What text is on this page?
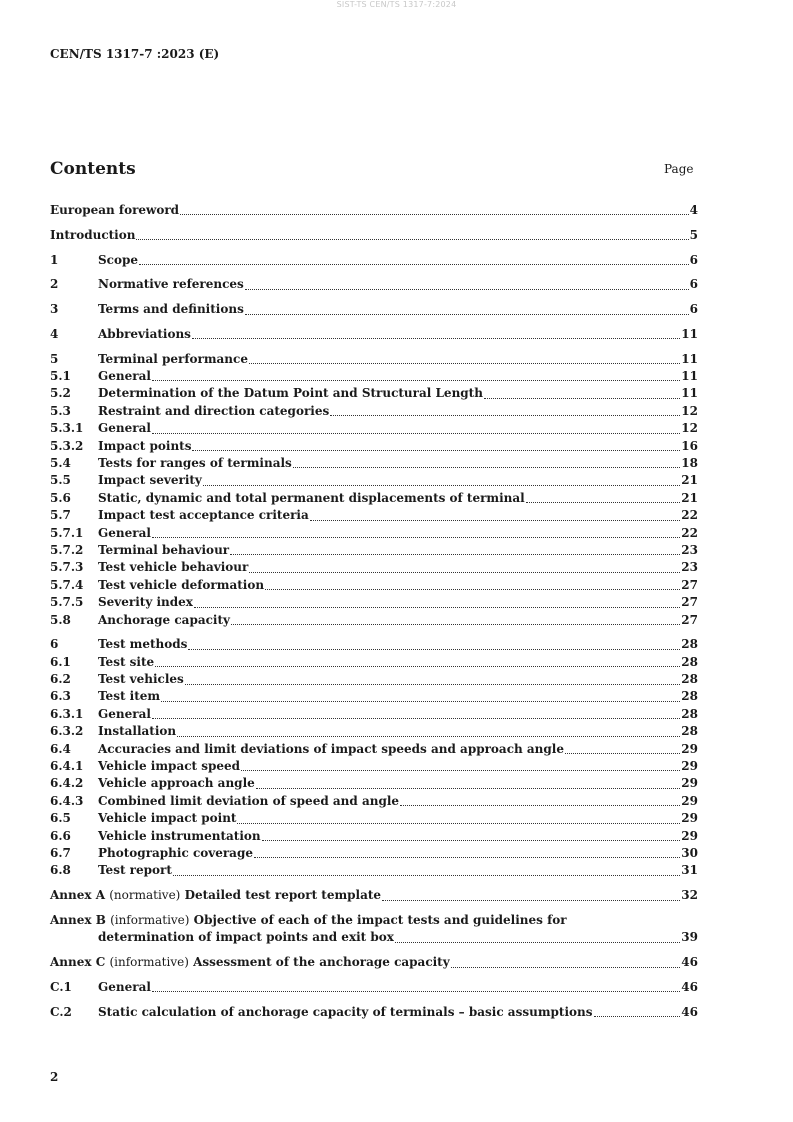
SIST-TS CEN/TS 1317-7:2024
CEN/TS 1317-7 :2023 (E)
Contents	Page
European foreword	4
Introduction	5
1	Scope	6
2	Normative references	6
3	Terms and definitions	6
4	Abbreviations	11
5	Terminal performance	11
5.1	General	11
5.2	Determination of the Datum Point and Structural Length	11
5.3	Restraint and direction categories	12
5.3.1	General	12
5.3.2	Impact points	16
5.4	Tests for ranges of terminals	18
5.5	Impact severity	21
5.6	Static, dynamic and total permanent displacements of terminal	21
5.7	Impact test acceptance criteria	22
5.7.1	General	22
5.7.2	Terminal behaviour	23
5.7.3	Test vehicle behaviour	23
5.7.4	Test vehicle deformation	27
5.7.5	Severity index	27
5.8	Anchorage capacity	27
6	Test methods	28
6.1	Test site	28
6.2	Test vehicles	28
6.3	Test item	28
6.3.1	General	28
6.3.2	Installation	28
6.4	Accuracies and limit deviations of impact speeds and approach angle	29
6.4.1	Vehicle impact speed	29
6.4.2	Vehicle approach angle	29
6.4.3	Combined limit deviation of speed and angle	29
6.5	Vehicle impact point	29
6.6	Vehicle instrumentation	29
6.7	Photographic coverage	30
6.8	Test report	31
Annex A (normative) Detailed test report template	32
Annex B (informative) Objective of each of the impact tests and guidelines for
determination of impact points and exit box	39
Annex C (informative) Assessment of the anchorage capacity	46
C.1	General	46
C.2	Static calculation of anchorage capacity of terminals – basic assumptions	46
2
